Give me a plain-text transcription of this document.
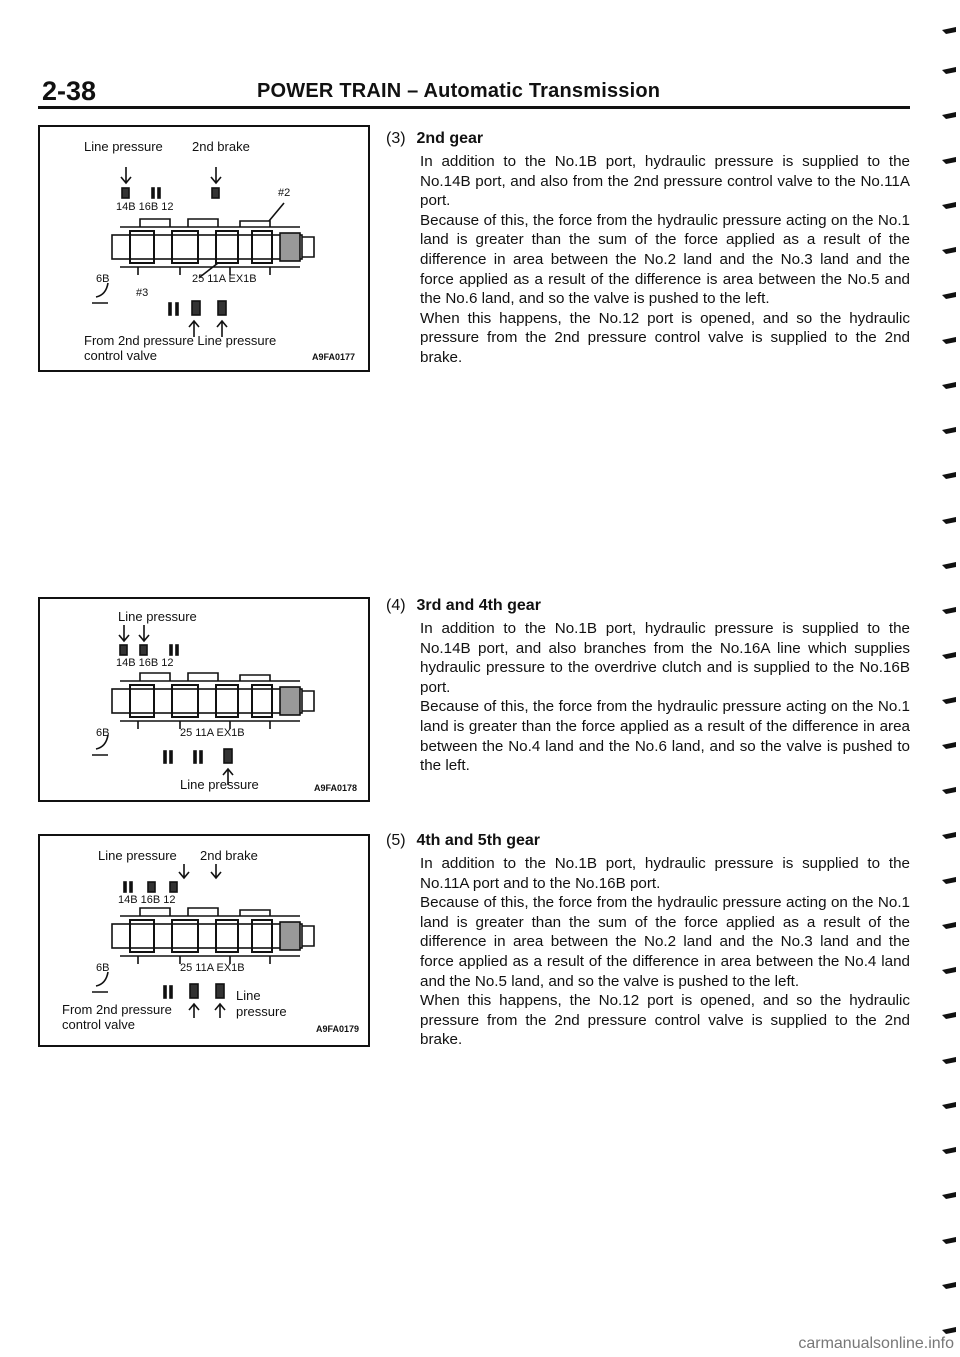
2-38	POWER TRAIN – Automatic Transmission
Line pressure 2nd brake
14B 16B 12
#2
6B	25 11A EX1B
#3
From 2nd pressure Line pressure
control valve	A9FA0177
Line pressure
14B 16B 12
6B	25 11A EX1B
Line pressure	A9FA0178
Line pressure 2nd brake
14B 16B 12
6B	25 11A EX1B
Line
pressure
From 2nd pressure
control valve	A9FA0179
(3) 2nd gear

In addition to the No.1B port, hydraulic pressure is supplied to the No.14B port, and also from the 2nd pressure control valve to the No.11A port.

Because of this, the force from the hydraulic pressure acting on the No.1 land is greater than the sum of the force applied as a result of the difference in area between the No.2 land and the No.3 land and the force applied as a result of the difference is area between the No.5 and the No.6 land, and so the valve is pushed to the left.

When this happens, the No.12 port is opened, and so the hydraulic pressure from the 2nd pressure control valve is supplied to the 2nd brake.

(4) 3rd and 4th gear

In addition to the No.1B port, hydraulic pressure is supplied to the No.14B port, and also branches from the No.16A line which supplies hydraulic pressure to the overdrive clutch and is supplied to the No.16B port.

Because of this, the force from the hydraulic pressure acting on the No.1 land is greater than the force applied as a result of the difference in area between the No.4 land and the No.6 land, and so the valve is pushed to the left.

(5) 4th and 5th gear

In addition to the No.1B port, hydraulic pressure is supplied to the No.11A port and to the No.16B port.

Because of this, the force from the hydraulic pressure acting on the No.1 land is greater than the sum of the force applied as a result of the difference in area between the No.2 land and the No.3 land and the force applied as a result of the difference in area between the No.4 land and the No.5 land, and so the valve is pushed to the left.

When this happens, the No.12 port is opened, and so the hydraulic pressure from the 2nd pressure control valve is supplied to the 2nd brake.

carmanualsonline.info
